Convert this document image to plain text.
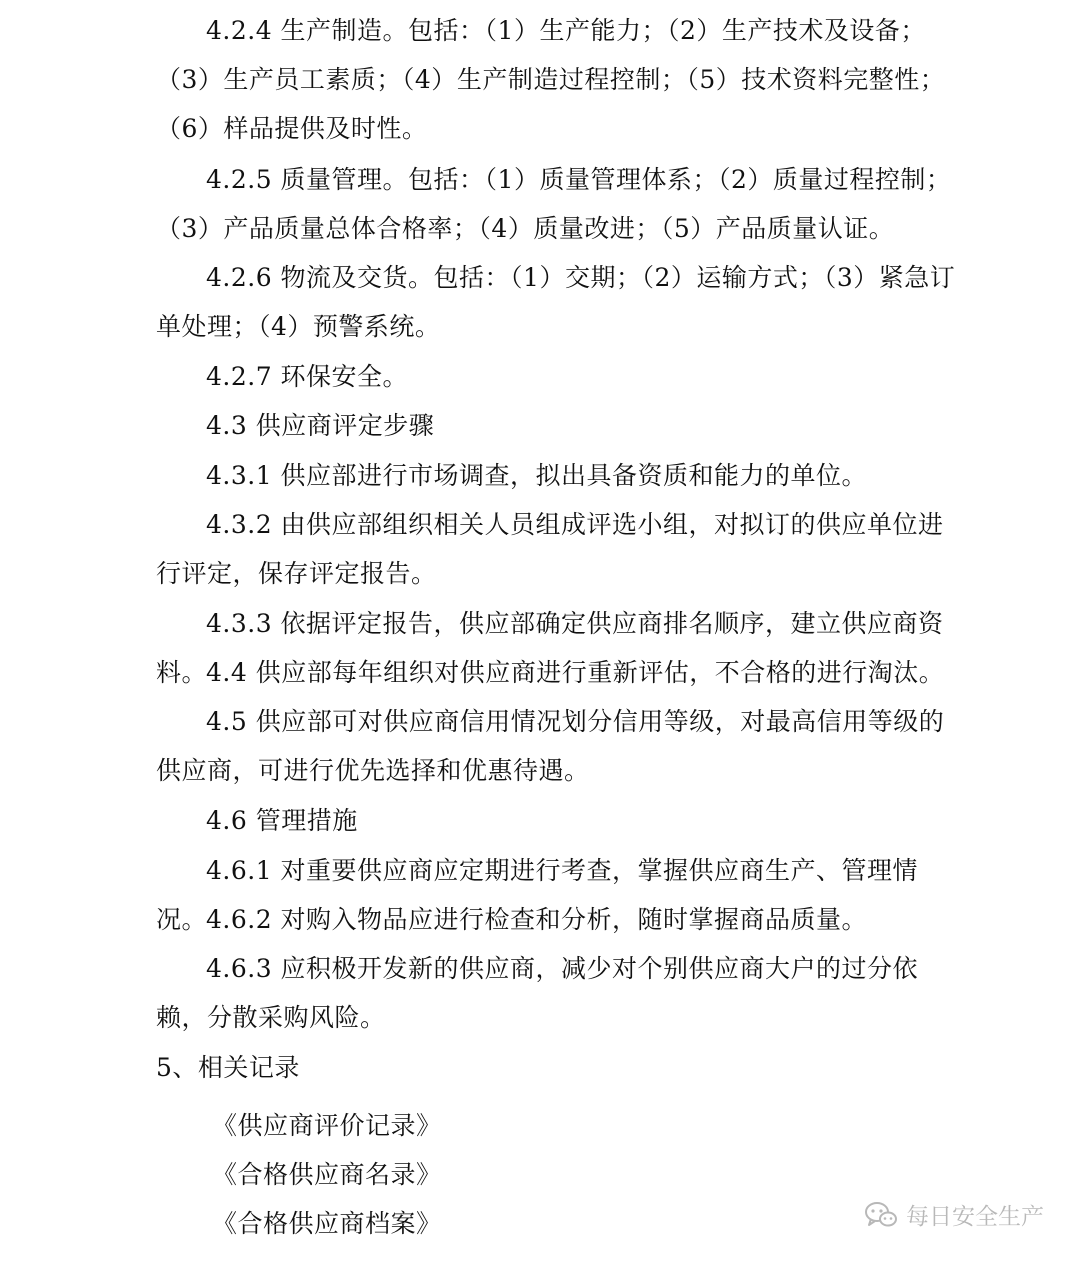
4.2.4 生产制造。包括：（1）生产能力；（2）生产技术及设备；（3）生产员工素质；（4）生产制造过程控制；（5）技术资料完整性；（6）样品提供及时性。

4.2.5 质量管理。包括：（1）质量管理体系；（2）质量过程控制；（3）产品质量总体合格率；（4）质量改进；（5）产品质量认证。

4.2.6 物流及交货。包括：（1）交期；（2）运输方式；（3）紧急订单处理；（4）预警系统。

4.2.7 环保安全。

4.3 供应商评定步骤

4.3.1 供应部进行市场调查，拟出具备资质和能力的单位。

4.3.2 由供应部组织相关人员组成评选小组，对拟订的供应单位进行评定，保存评定报告。

4.3.3 依据评定报告，供应部确定供应商排名顺序，建立供应商资料。

4.4 供应部每年组织对供应商进行重新评估，不合格的进行淘汰。

4.5 供应部可对供应商信用情况划分信用等级，对最高信用等级的供应商，可进行优先选择和优惠待遇。

4.6 管理措施

4.6.1 对重要供应商应定期进行考查，掌握供应商生产、管理情况。

4.6.2 对购入物品应进行检查和分析，随时掌握商品质量。

4.6.3 应积极开发新的供应商，减少对个别供应商大户的过分依赖，分散采购风险。

5、相关记录

《供应商评价记录》

《合格供应商名录》

《合格供应商档案》	每日安全生产
